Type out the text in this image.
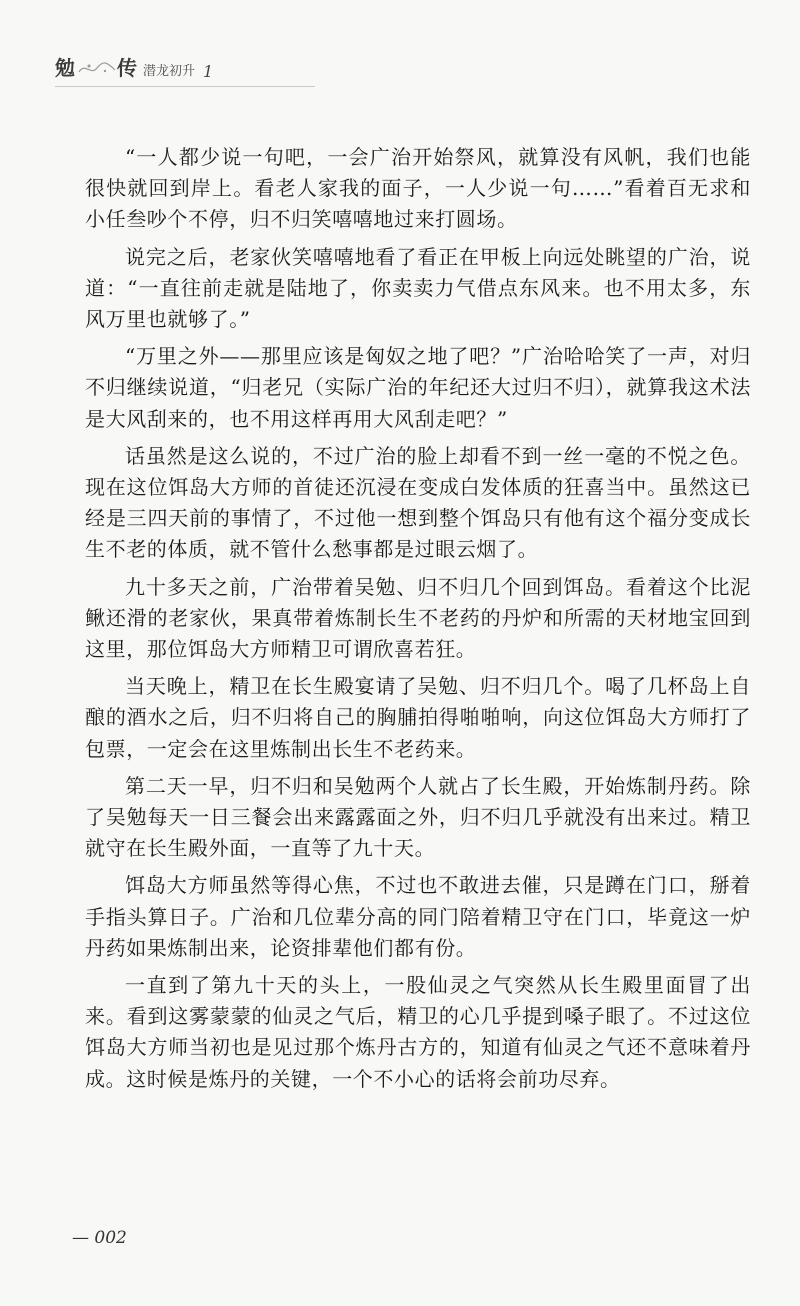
勉 传 潜龙初升 1

“一人都少说一句吧，一会广治开始祭风，就算没有风帆，我们也能很快就回到岸上。看老人家我的面子，一人少说一句……”看着百无求和小任叁吵个不停，归不归笑嘻嘻地过来打圆场。

说完之后，老家伙笑嘻嘻地看了看正在甲板上向远处眺望的广治，说道：“一直往前走就是陆地了，你卖卖力气借点东风来。也不用太多，东风万里也就够了。”

“万里之外——那里应该是匈奴之地了吧？”广治哈哈笑了一声，对归不归继续说道，“归老兄（实际广治的年纪还大过归不归），就算我这术法是大风刮来的，也不用这样再用大风刮走吧？”

话虽然是这么说的，不过广治的脸上却看不到一丝一毫的不悦之色。现在这位饵岛大方师的首徒还沉浸在变成白发体质的狂喜当中。虽然这已经是三四天前的事情了，不过他一想到整个饵岛只有他有这个福分变成长生不老的体质，就不管什么愁事都是过眼云烟了。

九十多天之前，广治带着吴勉、归不归几个回到饵岛。看着这个比泥鳅还滑的老家伙，果真带着炼制长生不老药的丹炉和所需的天材地宝回到这里，那位饵岛大方师精卫可谓欣喜若狂。

当天晚上，精卫在长生殿宴请了吴勉、归不归几个。喝了几杯岛上自酿的酒水之后，归不归将自己的胸脯拍得啪啪响，向这位饵岛大方师打了包票，一定会在这里炼制出长生不老药来。

第二天一早，归不归和吴勉两个人就占了长生殿，开始炼制丹药。除了吴勉每天一日三餐会出来露露面之外，归不归几乎就没有出来过。精卫就守在长生殿外面，一直等了九十天。

饵岛大方师虽然等得心焦，不过也不敢进去催，只是蹲在门口，掰着手指头算日子。广治和几位辈分高的同门陪着精卫守在门口，毕竟这一炉丹药如果炼制出来，论资排辈他们都有份。

一直到了第九十天的头上，一股仙灵之气突然从长生殿里面冒了出来。看到这雾蒙蒙的仙灵之气后，精卫的心几乎提到嗓子眼了。不过这位饵岛大方师当初也是见过那个炼丹古方的，知道有仙灵之气还不意味着丹成。这时候是炼丹的关键，一个不小心的话将会前功尽弃。

— 002
